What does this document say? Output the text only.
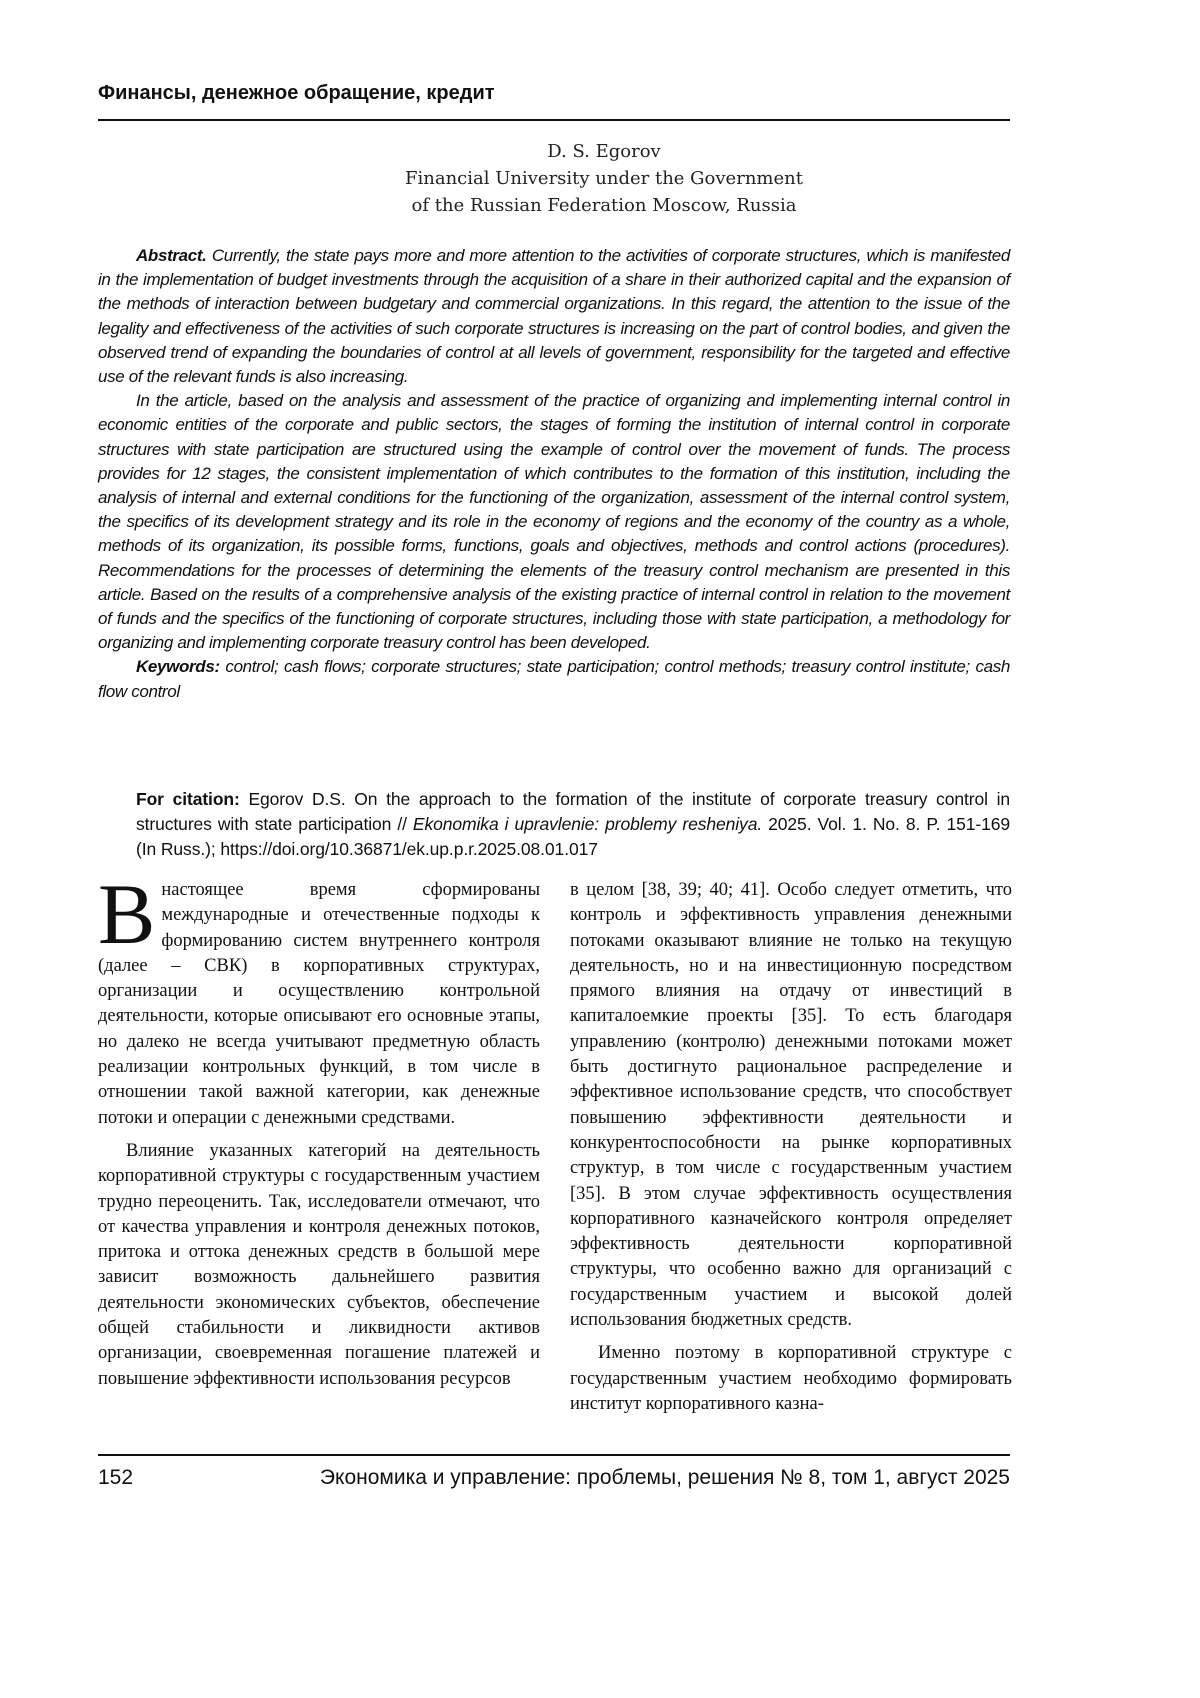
Финансы, денежное обращение, кредит
D. S. Egorov
Financial University under the Government
of the Russian Federation Moscow, Russia

Abstract. Currently, the state pays more and more attention to the activities of corporate structures, which is manifested in the implementation of budget investments through the acquisition of a share in their authorized capital and the expansion of the methods of interaction between budgetary and commercial organizations. In this regard, the attention to the issue of the legality and effectiveness of the activities of such corporate structures is increasing on the part of control bodies, and given the observed trend of expanding the boundaries of control at all levels of government, responsibility for the targeted and effective use of the relevant funds is also increasing.

In the article, based on the analysis and assessment of the practice of organizing and implementing internal control in economic entities of the corporate and public sectors, the stages of forming the institution of internal control in corporate structures with state participation are structured using the example of control over the movement of funds. The process provides for 12 stages, the consistent implementation of which contributes to the formation of this institution, including the analysis of internal and external conditions for the functioning of the organization, assessment of the internal control system, the specifics of its development strategy and its role in the economy of regions and the economy of the country as a whole, methods of its organization, its possible forms, functions, goals and objectives, methods and control actions (procedures). Recommendations for the processes of determining the elements of the treasury control mechanism are presented in this article. Based on the results of a comprehensive analysis of the existing practice of internal control in relation to the movement of funds and the specifics of the functioning of corporate structures, including those with state participation, a methodology for organizing and implementing corporate treasury control has been developed.

Keywords: control; cash flows; corporate structures; state participation; control methods; treasury control institute; cash flow control

For citation: Egorov D.S. On the approach to the formation of the institute of corporate treasury control in structures with state participation // Ekonomika i upravlenie: problemy resheniya. 2025. Vol. 1. No. 8. P. 151-169 (In Russ.); https://doi.org/10.36871/ek.up.p.r.2025.08.01.017

В настоящее время сформированы международные и отечественные подходы к формированию систем внутреннего контроля (далее – СВК) в корпоративных структурах, организации и осуществлению контрольной деятельности, которые описывают его основные этапы, но далеко не всегда учитывают предметную область реализации контрольных функций, в том числе в отношении такой важной категории, как денежные потоки и операции с денежными средствами.

Влияние указанных категорий на деятельность корпоративной структуры с государственным участием трудно переоценить. Так, исследователи отмечают, что от качества управления и контроля денежных потоков, притока и оттока денежных средств в большой мере зависит возможность дальнейшего развития деятельности экономических субъектов, обеспечение общей стабильности и ликвидности активов организации, своевременная погашение платежей и повышение эффективности использования ресурсов

в целом [38, 39; 40; 41]. Особо следует отметить, что контроль и эффективность управления денежными потоками оказывают влияние не только на текущую деятельность, но и на инвестиционную посредством прямого влияния на отдачу от инвестиций в капиталоемкие проекты [35]. То есть благодаря управлению (контролю) денежными потоками может быть достигнуто рациональное распределение и эффективное использование средств, что способствует повышению эффективности деятельности и конкурентоспособности на рынке корпоративных структур, в том числе с государственным участием [35]. В этом случае эффективность осуществления корпоративного казначейского контроля определяет эффективность деятельности корпоративной структуры, что особенно важно для организаций с государственным участием и высокой долей использования бюджетных средств.

Именно поэтому в корпоративной структуре с государственным участием необходимо формировать институт корпоративного казна-

152	Экономика и управление: проблемы, решения № 8, том 1, август 2025
